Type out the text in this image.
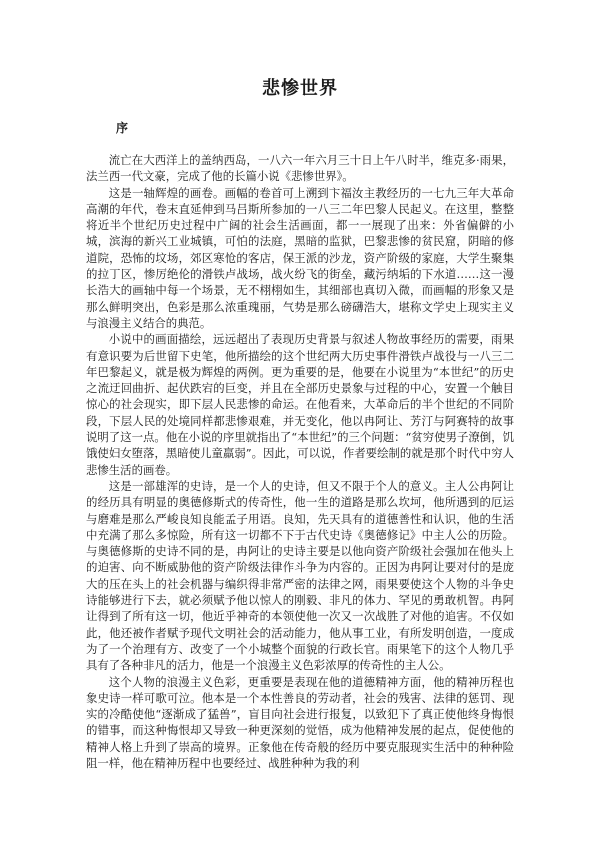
悲惨世界
序

流亡在大西洋上的盖纳西岛，一八六一年六月三十日上午八时半，维克多·雨果，法兰西一代文豪，完成了他的长篇小说《悲惨世界》。

这是一轴辉煌的画卷。画幅的卷首可上溯到卞福汝主教经历的一七九三年大革命高潮的年代，卷末直延伸到马吕斯所参加的一八三二年巴黎人民起义。在这里，整整将近半个世纪历史过程中广阔的社会生活画面，都一一展现了出来：外省偏僻的小城，滨海的新兴工业城镇，可怕的法庭，黑暗的监狱，巴黎悲惨的贫民窟，阴暗的修道院，恐怖的坟场，郊区寒怆的客店，保王派的沙龙，资产阶级的家庭，大学生聚集的拉丁区，惨厉绝伦的滑铁卢战场，战火纷飞的街垒，藏污纳垢的下水道……这一漫长浩大的画轴中每一个场景，无不栩栩如生，其细部也真切入微，而画幅的形象又是那么鲜明突出，色彩是那么浓重瑰丽，气势是那么磅礴浩大，堪称文学史上现实主义与浪漫主义结合的典范。

小说中的画面描绘，远远超出了表现历史背景与叙述人物故事经历的需要，雨果有意识要为后世留下史笔，他所描绘的这个世纪两大历史事件滑铁卢战役与一八三二年巴黎起义，就是极为辉煌的两例。更为重要的是，他要在小说里为“本世纪”的历史之流迂回曲折、起伏跌宕的巨变，并且在全部历史景象与过程的中心，安置一个触目惊心的社会现实，即下层人民悲惨的命运。在他看来，大革命后的半个世纪的不同阶段，下层人民的处境同样都悲惨艰难，并无变化，他以冉阿让、芳汀与阿赛特的故事说明了这一点。他在小说的序里就指出了“本世纪”的三个问题：“贫穷使男子潦倒，饥饿使妇女堕落，黑暗使儿童羸弱”。因此，可以说，作者要绘制的就是那个时代中穷人悲惨生活的画卷。

这是一部雄浑的史诗，是一个人的史诗，但又不限于个人的意义。主人公冉阿让的经历具有明显的奥德修斯式的传奇性，他一生的道路是那么坎坷，他所遇到的厄运与磨难是那么严峻良知良能孟子用语。良知，先天具有的道德善性和认识，他的生活中充满了那么多惊险，所有这一切都不下于古代史诗《奥德修记》中主人公的历险。与奥德修斯的史诗不同的是，冉阿让的史诗主要是以他向资产阶级社会强加在他头上的迫害、向不断威胁他的资产阶级法律作斗争为内容的。正因为冉阿让要对付的是庞大的压在头上的社会机器与编织得非常严密的法律之网，雨果要使这个人物的斗争史诗能够进行下去，就必须赋予他以惊人的刚毅、非凡的体力、罕见的勇敢机智。冉阿让得到了所有这一切，他近乎神奇的本领使他一次又一次战胜了对他的追害。不仅如此，他还被作者赋予现代文明社会的活动能力，他从事工业，有所发明创造，一度成为了一个治理有方、改变了一个小城整个面貌的行政长官。雨果笔下的这个人物几乎具有了各种非凡的活力，他是一个浪漫主义色彩浓厚的传奇性的主人公。

这个人物的浪漫主义色彩，更重要是表现在他的道德精神方面，他的精神历程也象史诗一样可歌可泣。他本是一个本性善良的劳动者，社会的残害、法律的惩罚、现实的冷酷使他“逐渐成了猛兽”，盲目向社会进行报复，以致犯下了真正使他终身悔恨的错事，而这种悔恨却又导致一种更深刻的觉悟，成为他精神发展的起点，促使他的精神人格上升到了崇高的境界。正象他在传奇般的经历中要克服现实生活中的种种险阻一样，他在精神历程中也要经过、战胜种种为我的利
